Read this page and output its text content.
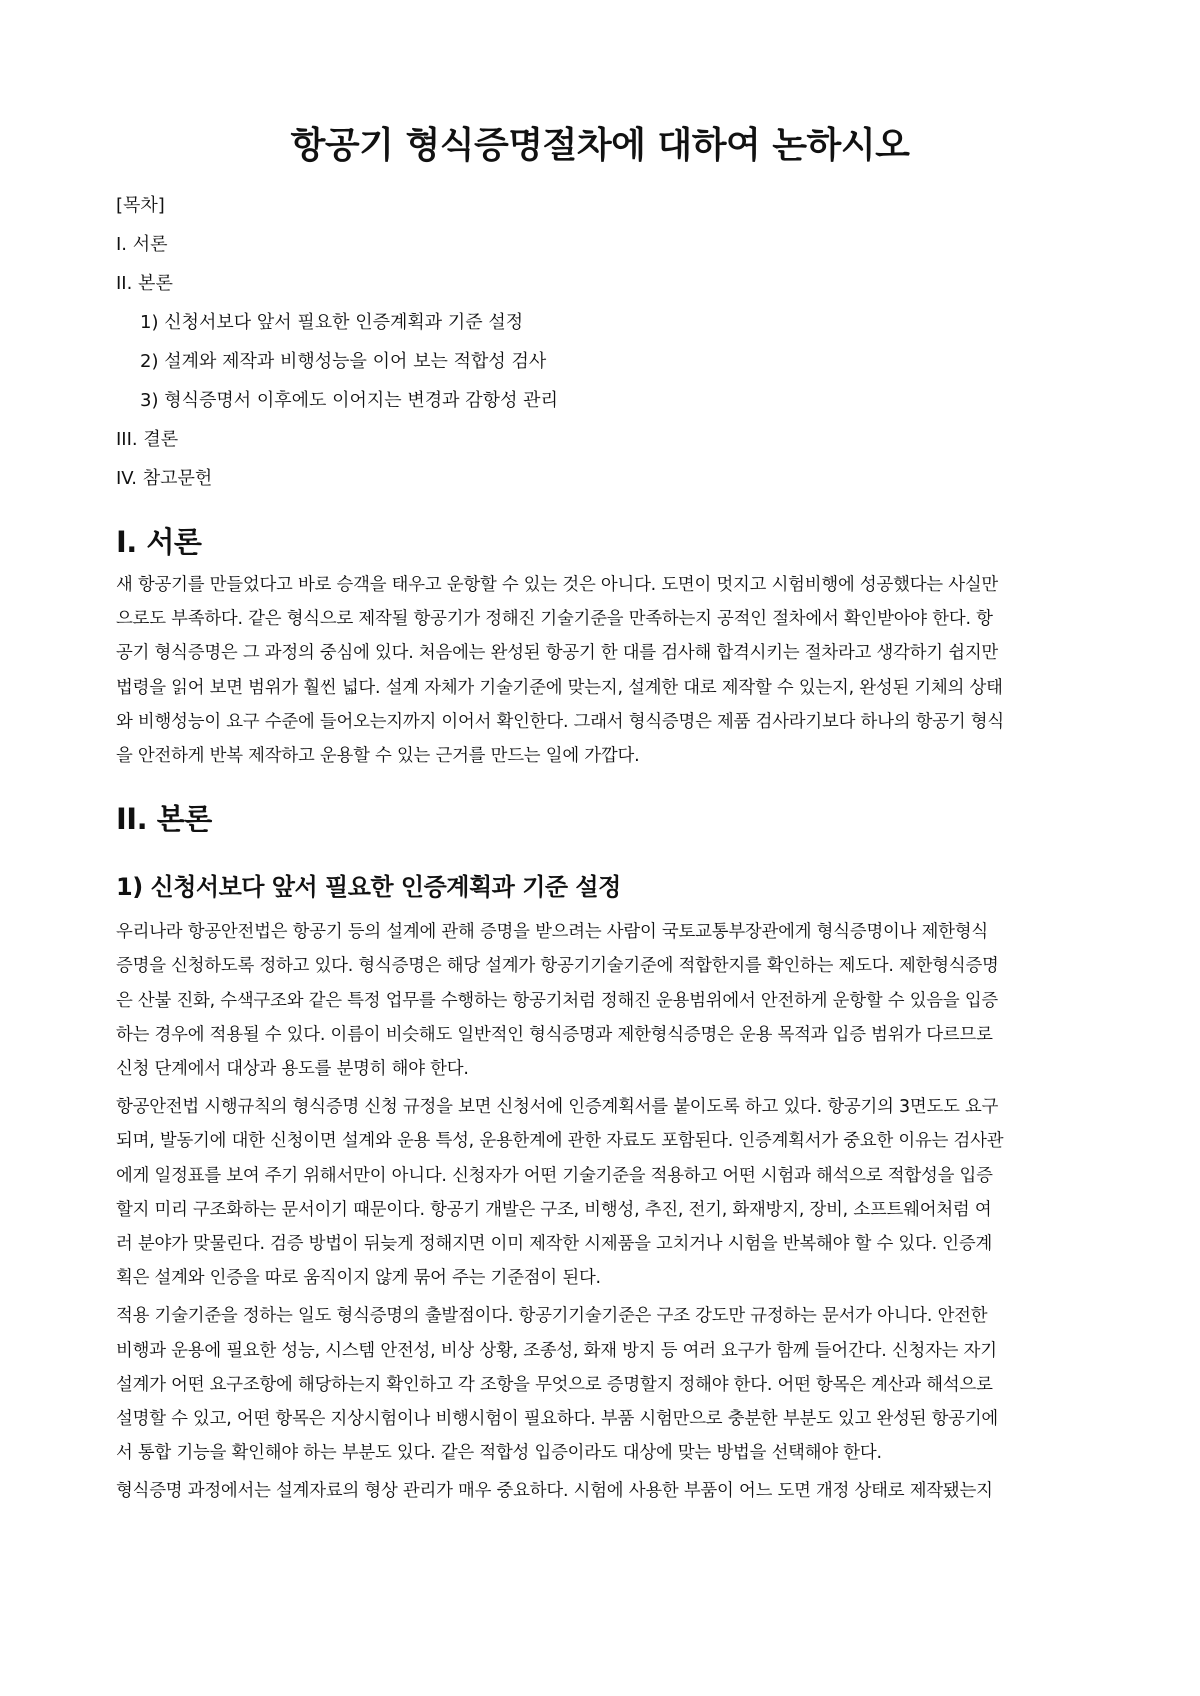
항공기 형식증명절차에 대하여 논하시오
[목차]
I. 서론
II. 본론
1) 신청서보다 앞서 필요한 인증계획과 기준 설정
2) 설계와 제작과 비행성능을 이어 보는 적합성 검사
3) 형식증명서 이후에도 이어지는 변경과 감항성 관리
III. 결론
IV. 참고문헌
I. 서론
새 항공기를 만들었다고 바로 승객을 태우고 운항할 수 있는 것은 아니다. 도면이 멋지고 시험비행에 성공했다는 사실만
으로도 부족하다. 같은 형식으로 제작될 항공기가 정해진 기술기준을 만족하는지 공적인 절차에서 확인받아야 한다. 항
공기 형식증명은 그 과정의 중심에 있다. 처음에는 완성된 항공기 한 대를 검사해 합격시키는 절차라고 생각하기 쉽지만
법령을 읽어 보면 범위가 훨씬 넓다. 설계 자체가 기술기준에 맞는지, 설계한 대로 제작할 수 있는지, 완성된 기체의 상태
와 비행성능이 요구 수준에 들어오는지까지 이어서 확인한다. 그래서 형식증명은 제품 검사라기보다 하나의 항공기 형식
을 안전하게 반복 제작하고 운용할 수 있는 근거를 만드는 일에 가깝다.
II. 본론
1) 신청서보다 앞서 필요한 인증계획과 기준 설정
우리나라 항공안전법은 항공기 등의 설계에 관해 증명을 받으려는 사람이 국토교통부장관에게 형식증명이나 제한형식
증명을 신청하도록 정하고 있다. 형식증명은 해당 설계가 항공기기술기준에 적합한지를 확인하는 제도다. 제한형식증명
은 산불 진화, 수색구조와 같은 특정 업무를 수행하는 항공기처럼 정해진 운용범위에서 안전하게 운항할 수 있음을 입증
하는 경우에 적용될 수 있다. 이름이 비슷해도 일반적인 형식증명과 제한형식증명은 운용 목적과 입증 범위가 다르므로
신청 단계에서 대상과 용도를 분명히 해야 한다.
항공안전법 시행규칙의 형식증명 신청 규정을 보면 신청서에 인증계획서를 붙이도록 하고 있다. 항공기의 3면도도 요구
되며, 발동기에 대한 신청이면 설계와 운용 특성, 운용한계에 관한 자료도 포함된다. 인증계획서가 중요한 이유는 검사관
에게 일정표를 보여 주기 위해서만이 아니다. 신청자가 어떤 기술기준을 적용하고 어떤 시험과 해석으로 적합성을 입증
할지 미리 구조화하는 문서이기 때문이다. 항공기 개발은 구조, 비행성, 추진, 전기, 화재방지, 장비, 소프트웨어처럼 여
러 분야가 맞물린다. 검증 방법이 뒤늦게 정해지면 이미 제작한 시제품을 고치거나 시험을 반복해야 할 수 있다. 인증계
획은 설계와 인증을 따로 움직이지 않게 묶어 주는 기준점이 된다.
적용 기술기준을 정하는 일도 형식증명의 출발점이다. 항공기기술기준은 구조 강도만 규정하는 문서가 아니다. 안전한
비행과 운용에 필요한 성능, 시스템 안전성, 비상 상황, 조종성, 화재 방지 등 여러 요구가 함께 들어간다. 신청자는 자기
설계가 어떤 요구조항에 해당하는지 확인하고 각 조항을 무엇으로 증명할지 정해야 한다. 어떤 항목은 계산과 해석으로
설명할 수 있고, 어떤 항목은 지상시험이나 비행시험이 필요하다. 부품 시험만으로 충분한 부분도 있고 완성된 항공기에
서 통합 기능을 확인해야 하는 부분도 있다. 같은 적합성 입증이라도 대상에 맞는 방법을 선택해야 한다.
형식증명 과정에서는 설계자료의 형상 관리가 매우 중요하다. 시험에 사용한 부품이 어느 도면 개정 상태로 제작됐는지
